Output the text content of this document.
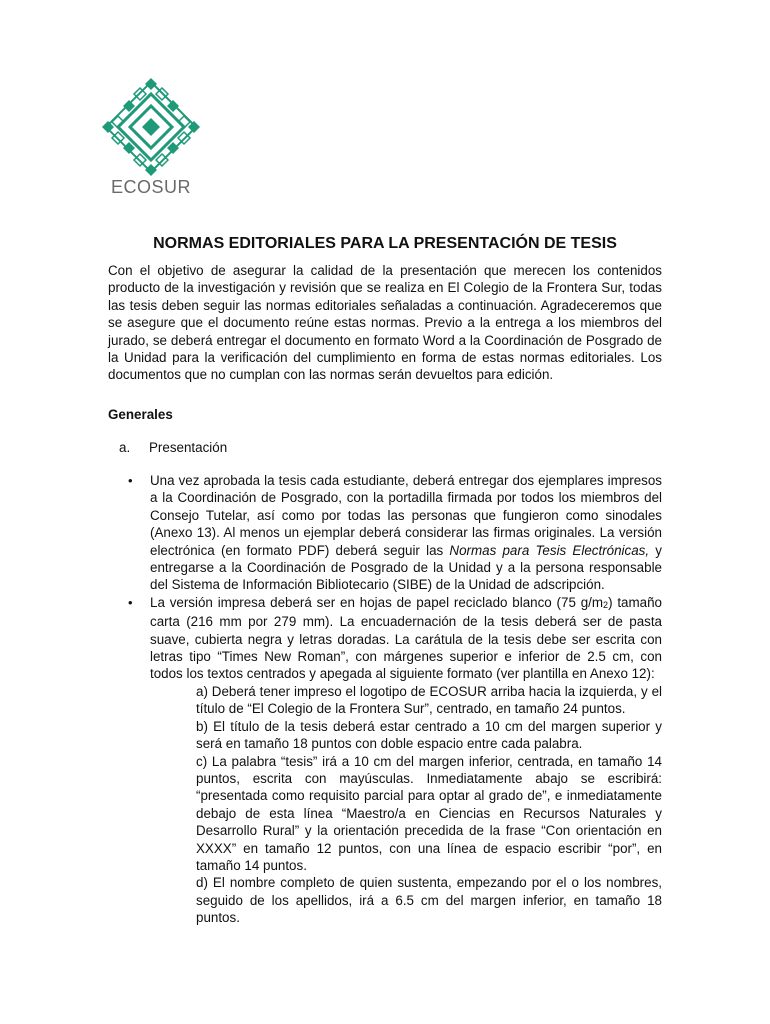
ECOSUR
NORMAS EDITORIALES PARA LA PRESENTACIÓN DE TESIS

Con el objetivo de asegurar la calidad de la presentación que merecen los contenidos producto de la investigación y revisión que se realiza en El Colegio de la Frontera Sur, todas las tesis deben seguir las normas editoriales señaladas a continuación. Agradeceremos que se asegure que el documento reúne estas normas. Previo a la entrega a los miembros del jurado, se deberá entregar el documento en formato Word a la Coordinación de Posgrado de la Unidad para la verificación del cumplimiento en forma de estas normas editoriales. Los documentos que no cumplan con las normas serán devueltos para edición.

Generales
a. Presentación
• Una vez aprobada la tesis cada estudiante, deberá entregar dos ejemplares impresos a la Coordinación de Posgrado, con la portadilla firmada por todos los miembros del Consejo Tutelar, así como por todas las personas que fungieron como sinodales (Anexo 13). Al menos un ejemplar deberá considerar las firmas originales. La versión electrónica (en formato PDF) deberá seguir las Normas para Tesis Electrónicas, y entregarse a la Coordinación de Posgrado de la Unidad y a la persona responsable del Sistema de Información Bibliotecario (SIBE) de la Unidad de adscripción.
• La versión impresa deberá ser en hojas de papel reciclado blanco (75 $g/m_2$) tamaño carta (216 mm por 279 mm). La encuadernación de la tesis deberá ser de pasta suave, cubierta negra y letras doradas. La carátula de la tesis debe ser escrita con letras tipo “Times New Roman”, con márgenes superior e inferior de 2.5 cm, con todos los textos centrados y apegada al siguiente formato (ver plantilla en Anexo 12):

a) Deberá tener impreso el logotipo de ECOSUR arriba hacia la izquierda, y el título de “El Colegio de la Frontera Sur”, centrado, en tamaño 24 puntos.

b) El título de la tesis deberá estar centrado a 10 cm del margen superior y será en tamaño 18 puntos con doble espacio entre cada palabra.

c) La palabra “tesis” irá a 10 cm del margen inferior, centrada, en tamaño 14 puntos, escrita con mayúsculas. Inmediatamente abajo se escribirá: “presentada como requisito parcial para optar al grado de”, e inmediatamente debajo de esta línea “Maestro/a en Ciencias en Recursos Naturales y Desarrollo Rural” y la orientación precedida de la frase “Con orientación en XXXX” en tamaño 12 puntos, con una línea de espacio escribir “por”, en tamaño 14 puntos.

d) El nombre completo de quien sustenta, empezando por el o los nombres, seguido de los apellidos, irá a 6.5 cm del margen inferior, en tamaño 18 puntos.
